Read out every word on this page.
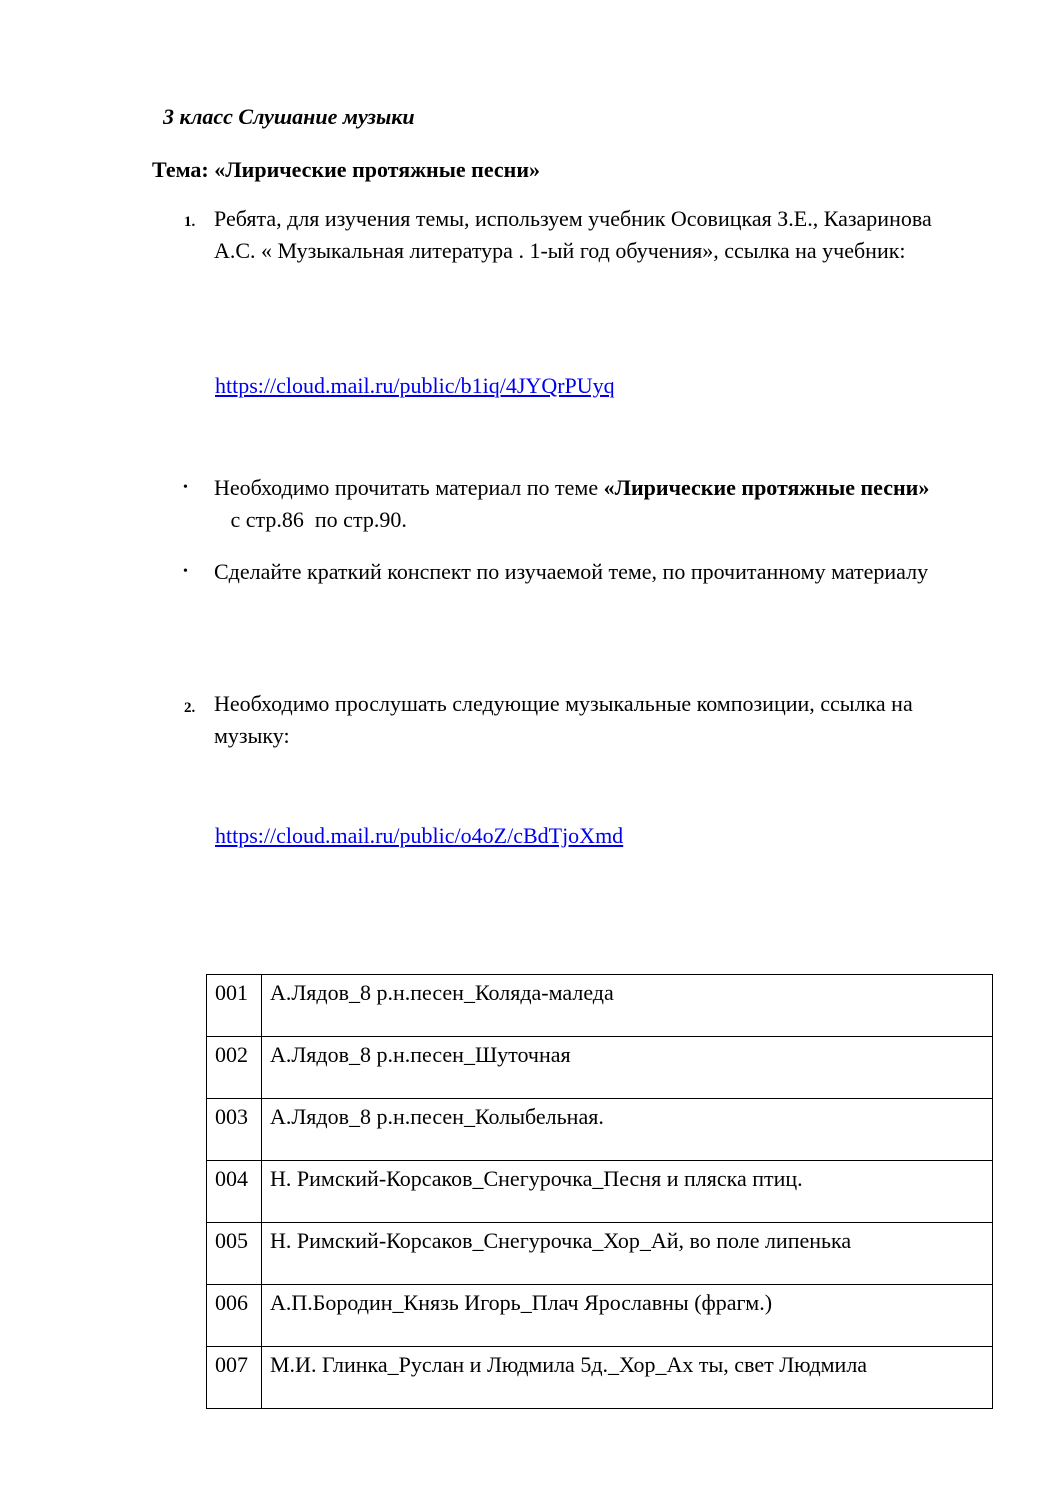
3 класс Слушание музыки
Тема: «Лирические протяжные песни»
1. Ребята, для изучения темы, используем учебник Осовицкая З.Е., Казаринова А.С. « Музыкальная литература . 1-ый год обучения», ссылка на учебник:
https://cloud.mail.ru/public/b1iq/4JYQrPUyq
• Необходимо прочитать материал по теме «Лирические протяжные песни»   с стр.86  по стр.90.
• Сделайте краткий конспект по изучаемой теме, по прочитанному материалу
2. Необходимо прослушать следующие музыкальные композиции, ссылка на музыку:
https://cloud.mail.ru/public/o4oZ/cBdTjoXmd
001	А.Лядов_8 р.н.песен_Коляда-маледа
002	А.Лядов_8 р.н.песен_Шуточная
003	А.Лядов_8 р.н.песен_Колыбельная.
004	Н. Римский-Корсаков_Снегурочка_Песня и пляска птиц.
005	Н. Римский-Корсаков_Снегурочка_Хор_Ай, во поле липенька
006	А.П.Бородин_Князь Игорь_Плач Ярославны (фрагм.)
007	М.И. Глинка_Руслан и Людмила 5д._Хор_Ах ты, свет Людмила
